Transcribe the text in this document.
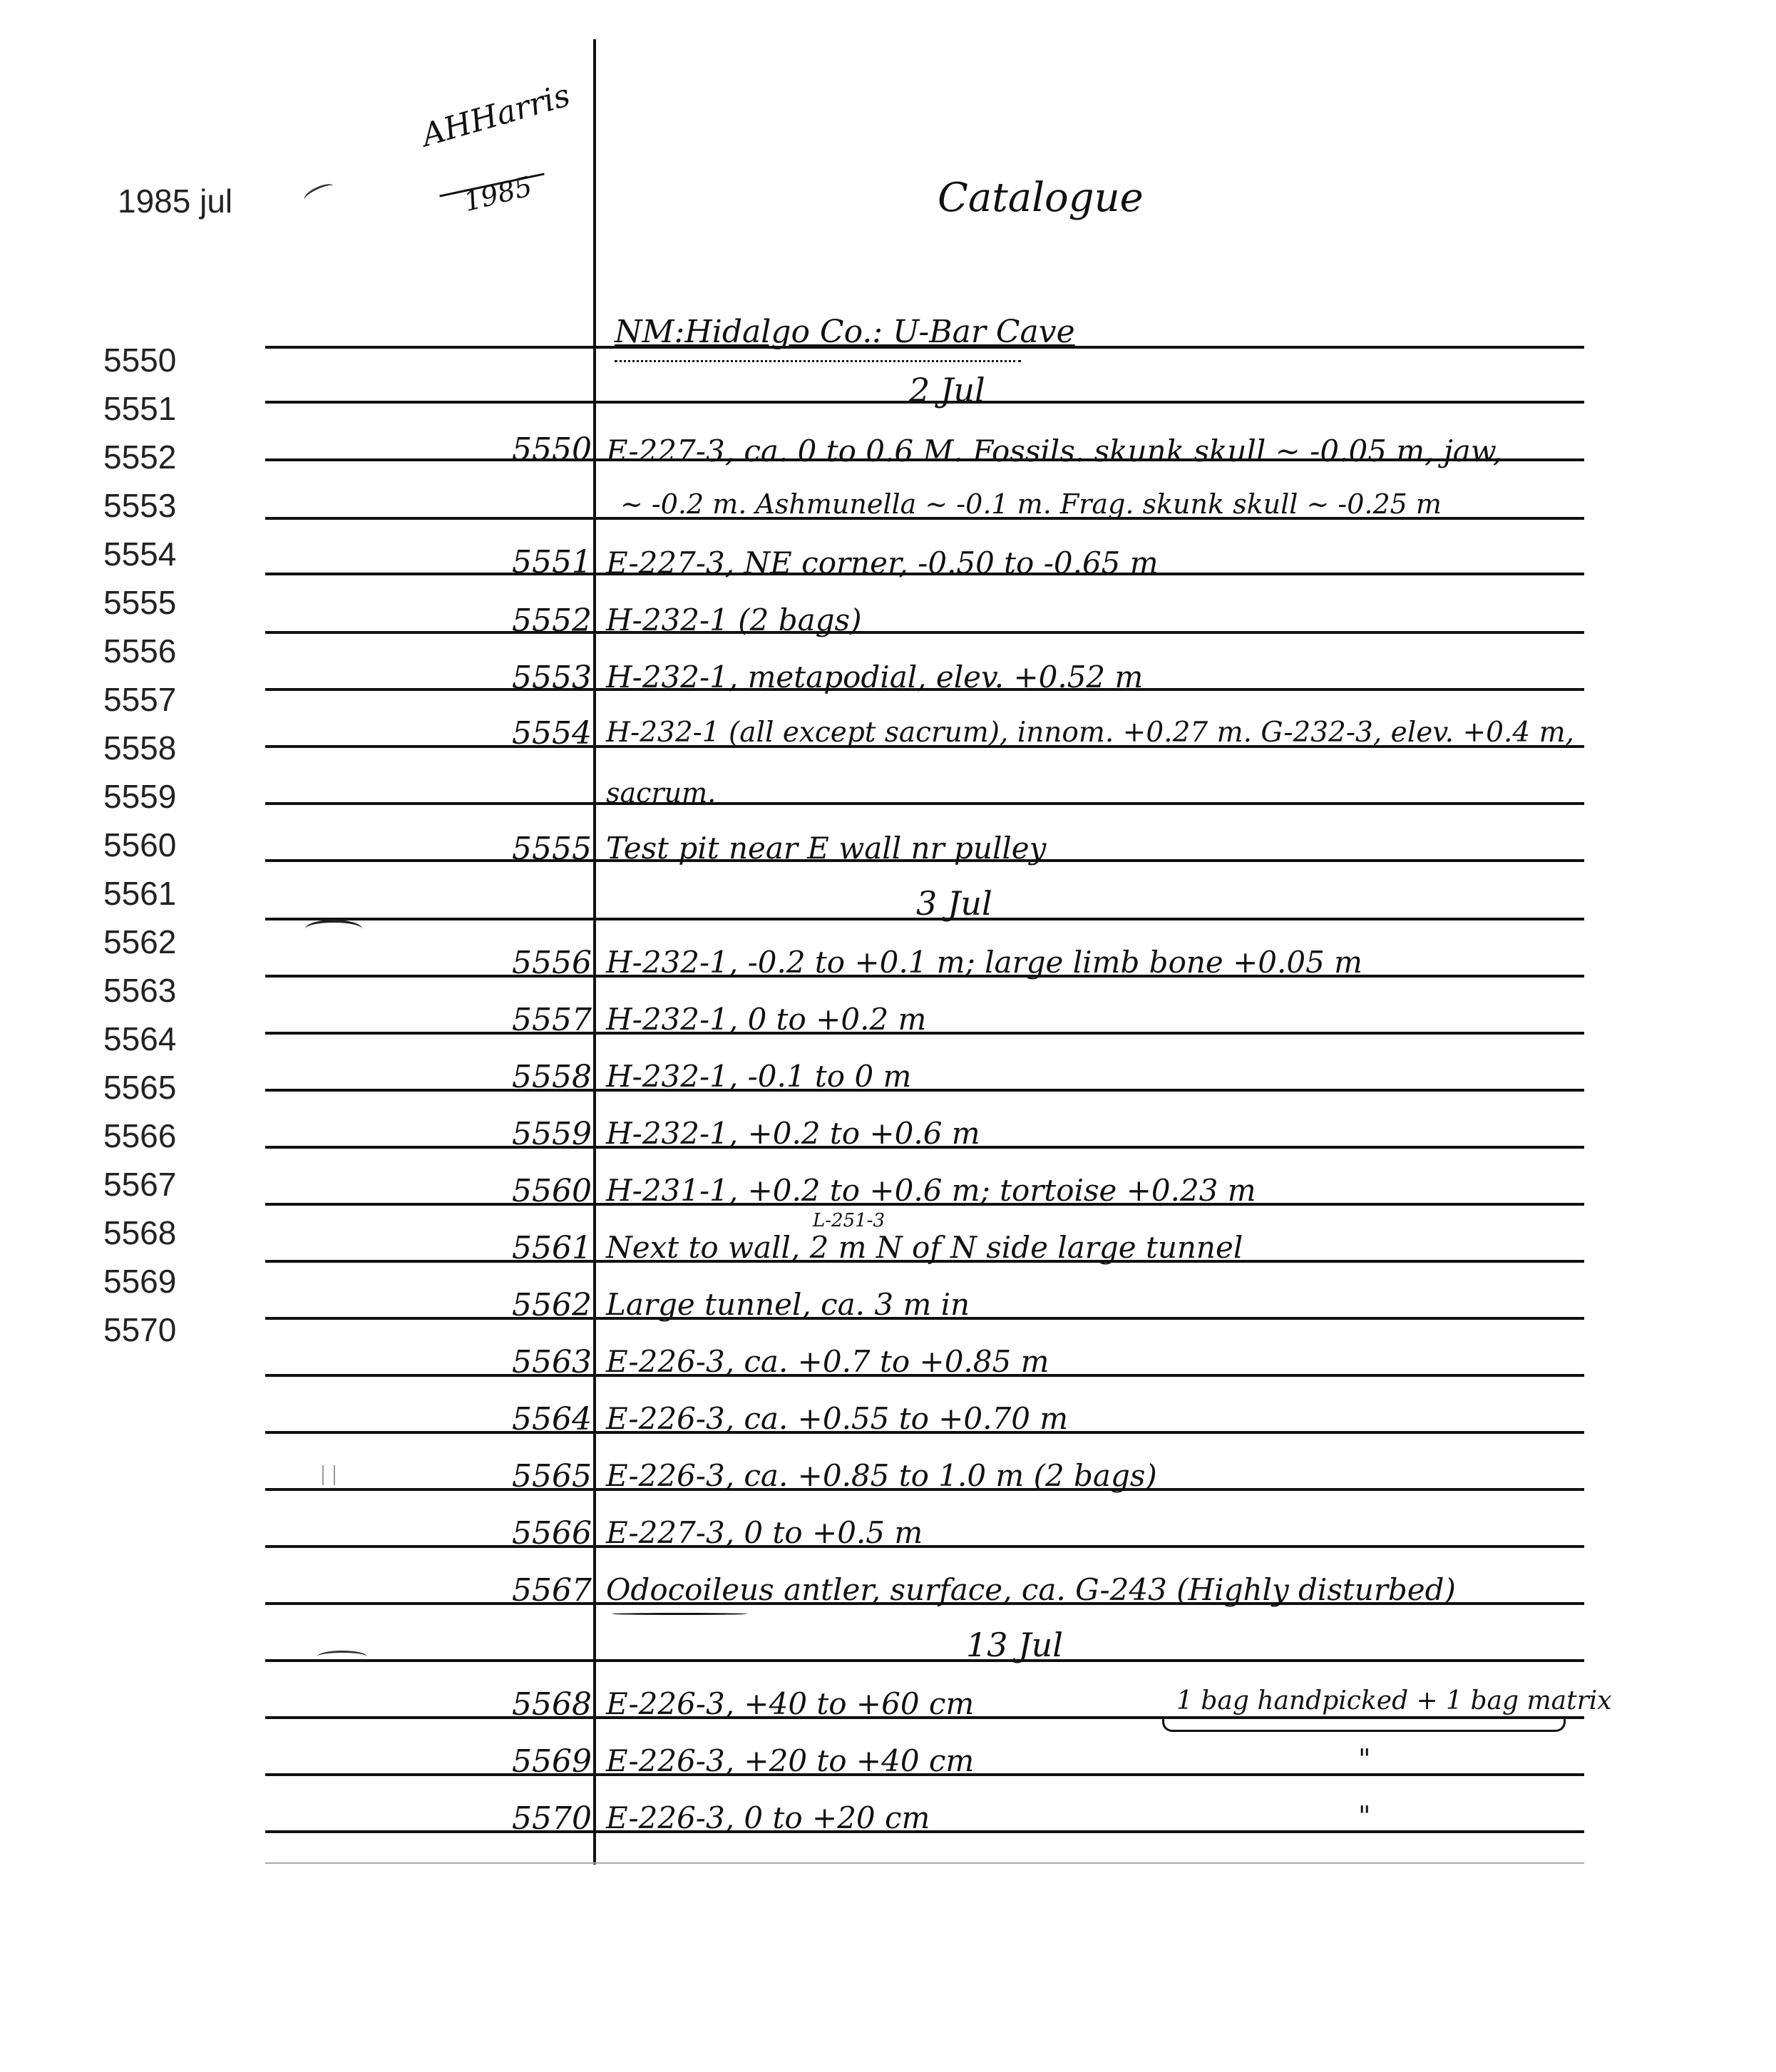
1985 jul
AHHarris
1985	Catalogue
5550
5551
5552
5553
5554
5555
5556
5557
5558
5559
5560
5561
5562
5563
5564
5565
5566
5567
5568
5569
5570
NM:Hidalgo Co.: U-Bar Cave
2 Jul
3 Jul
13 Jul
5550
5551
5552
5553
5554
5555
5556
5557
5558
5559
5560
5561
5562
5563
5564
5565
5566
5567
5568
5569
5570
E-227-3, ca. 0 to 0.6 M. Fossils. skunk skull ~ -0.05 m, jaw,
~ -0.2 m. Ashmunella ~ -0.1 m. Frag. skunk skull ~ -0.25 m
E-227-3, NE corner, -0.50 to -0.65 m
H-232-1 (2 bags)
H-232-1, metapodial, elev. +0.52 m
H-232-1 (all except sacrum), innom. +0.27 m. G-232-3, elev. +0.4 m,
sacrum.
Test pit near E wall nr pulley
H-232-1, -0.2 to +0.1 m; large limb bone +0.05 m
H-232-1, 0 to +0.2 m
H-232-1, -0.1 to 0 m
H-232-1, +0.2 to +0.6 m
H-231-1, +0.2 to +0.6 m; tortoise +0.23 m
L-251-3
Next to wall, 2 m N of N side large tunnel
Large tunnel, ca. 3 m in
E-226-3, ca. +0.7 to +0.85 m
E-226-3, ca. +0.55 to +0.70 m
E-226-3, ca. +0.85 to 1.0 m (2 bags)
E-227-3, 0 to +0.5 m
Odocoileus antler, surface, ca. G-243 (Highly disturbed)
E-226-3, +40 to +60 cm
E-226-3, +20 to +40 cm
E-226-3, 0 to +20 cm
1 bag handpicked + 1 bag matrix
"
"
